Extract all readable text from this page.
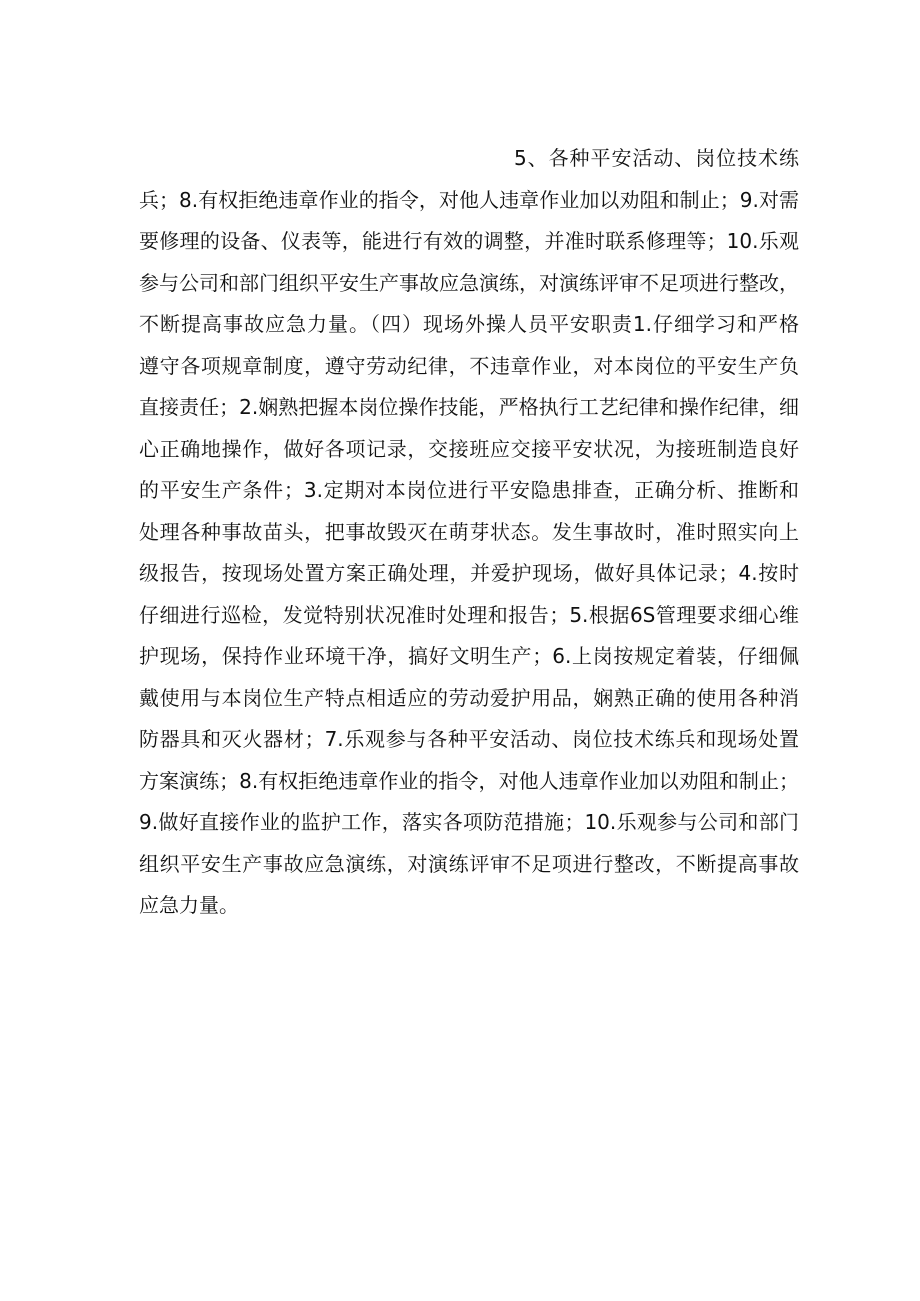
5、各种平安活动、岗位技术练
兵；8.有权拒绝违章作业的指令，对他人违章作业加以劝阻和制止；9.对需
要修理的设备、仪表等，能进行有效的调整，并准时联系修理等；10.乐观
参与公司和部门组织平安生产事故应急演练，对演练评审不足项进行整改，
不断提高事故应急力量。（四）现场外操人员平安职责1.仔细学习和严格
遵守各项规章制度，遵守劳动纪律，不违章作业，对本岗位的平安生产负
直接责任；2.娴熟把握本岗位操作技能，严格执行工艺纪律和操作纪律，细
心正确地操作，做好各项记录，交接班应交接平安状况，为接班制造良好
的平安生产条件；3.定期对本岗位进行平安隐患排查，正确分析、推断和
处理各种事故苗头，把事故毁灭在萌芽状态。发生事故时，准时照实向上
级报告，按现场处置方案正确处理，并爱护现场，做好具体记录；4.按时
仔细进行巡检，发觉特别状况准时处理和报告；5.根据6S管理要求细心维
护现场，保持作业环境干净，搞好文明生产；6.上岗按规定着装，仔细佩
戴使用与本岗位生产特点相适应的劳动爱护用品，娴熟正确的使用各种消
防器具和灭火器材；7.乐观参与各种平安活动、岗位技术练兵和现场处置
方案演练；8.有权拒绝违章作业的指令，对他人违章作业加以劝阻和制止；
9.做好直接作业的监护工作，落实各项防范措施；10.乐观参与公司和部门
组织平安生产事故应急演练，对演练评审不足项进行整改，不断提高事故
应急力量。
